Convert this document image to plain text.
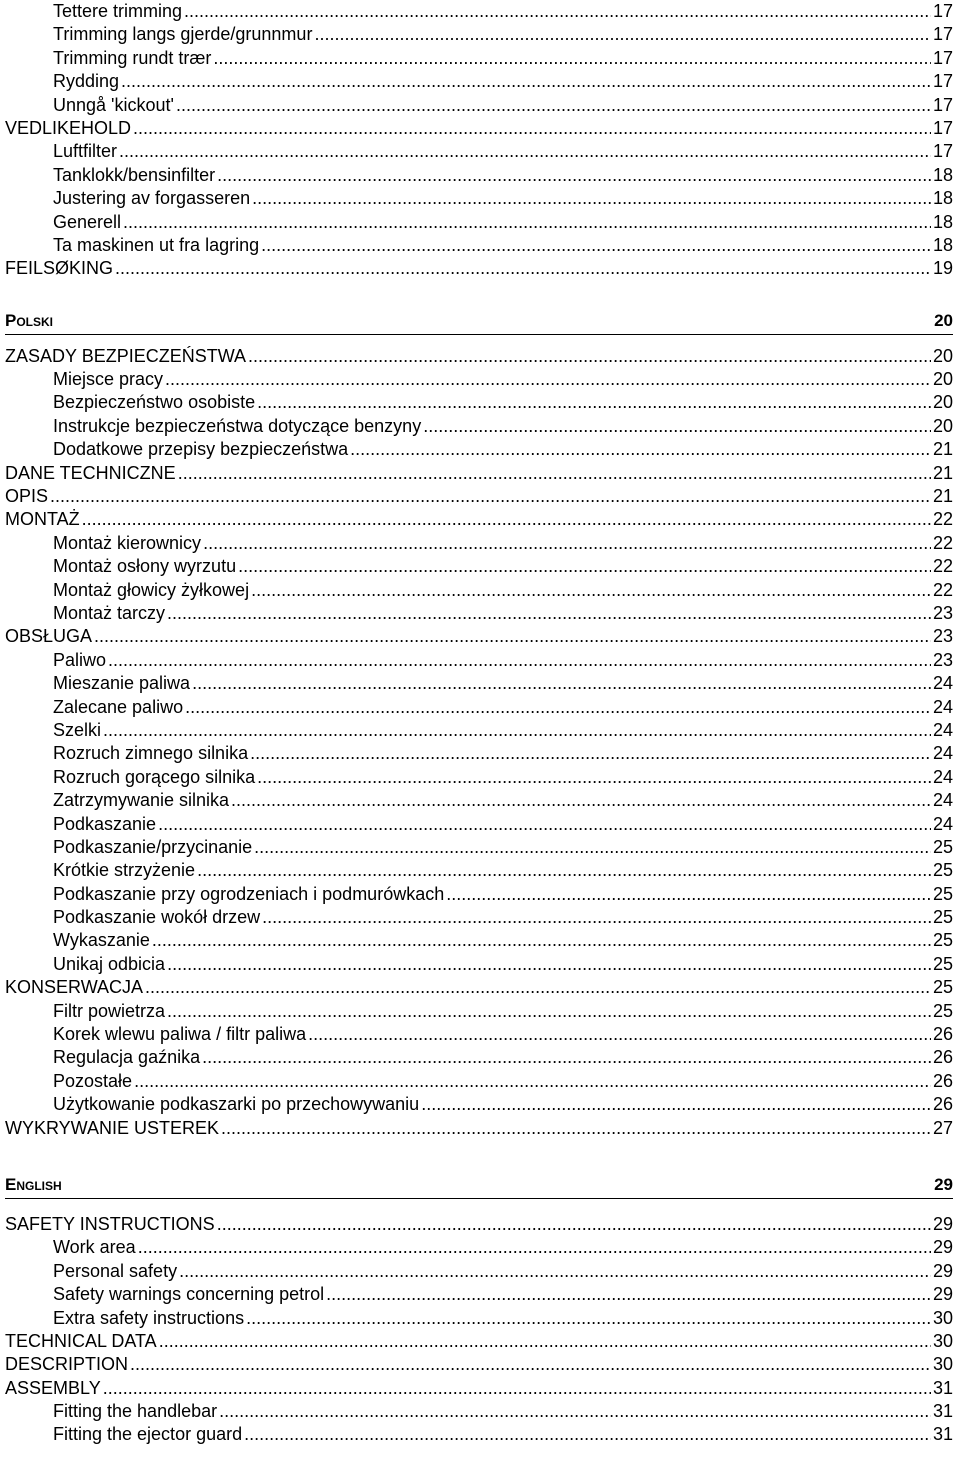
Tettere trimming .....	17
Trimming langs gjerde/grunnmur .....	17
Trimming rundt trær .....	17
Rydding .....	17
Unngå 'kickout' .....	17
VEDLIKEHOLD .....	17
Luftfilter .....	17
Tanklokk/bensinfilter .....	18
Justering av forgasseren .....	18
Generell .....	18
Ta maskinen ut fra lagring .....	18
FEILSØKING .....	19
Polski	20
ZASADY BEZPIECZEŃSTWA .....	20
Miejsce pracy .....	20
Bezpieczeństwo osobiste .....	20
Instrukcje bezpieczeństwa dotyczące benzyny .....	20
Dodatkowe przepisy bezpieczeństwa .....	21
DANE TECHNICZNE .....	21
OPIS .....	21
MONTAŻ .....	22
Montaż kierownicy .....	22
Montaż osłony wyrzutu .....	22
Montaż głowicy żyłkowej .....	22
Montaż tarczy .....	23
OBSŁUGA .....	23
Paliwo .....	23
Mieszanie paliwa .....	24
Zalecane paliwo .....	24
Szelki .....	24
Rozruch zimnego silnika .....	24
Rozruch gorącego silnika .....	24
Zatrzymywanie silnika .....	24
Podkaszanie .....	24
Podkaszanie/przycinanie .....	25
Krótkie strzyżenie .....	25
Podkaszanie przy ogrodzeniach i podmurówkach .....	25
Podkaszanie wokół drzew .....	25
Wykaszanie .....	25
Unikaj odbicia .....	25
KONSERWACJA .....	25
Filtr powietrza .....	25
Korek wlewu paliwa / filtr paliwa .....	26
Regulacja gaźnika .....	26
Pozostałe .....	26
Użytkowanie podkaszarki po przechowywaniu .....	26
WYKRYWANIE USTEREK .....	27
English	29
SAFETY INSTRUCTIONS .....	29
Work area .....	29
Personal safety .....	29
Safety warnings concerning petrol .....	29
Extra safety instructions .....	30
TECHNICAL DATA .....	30
DESCRIPTION .....	30
ASSEMBLY .....	31
Fitting the handlebar .....	31
Fitting the ejector guard .....	31
